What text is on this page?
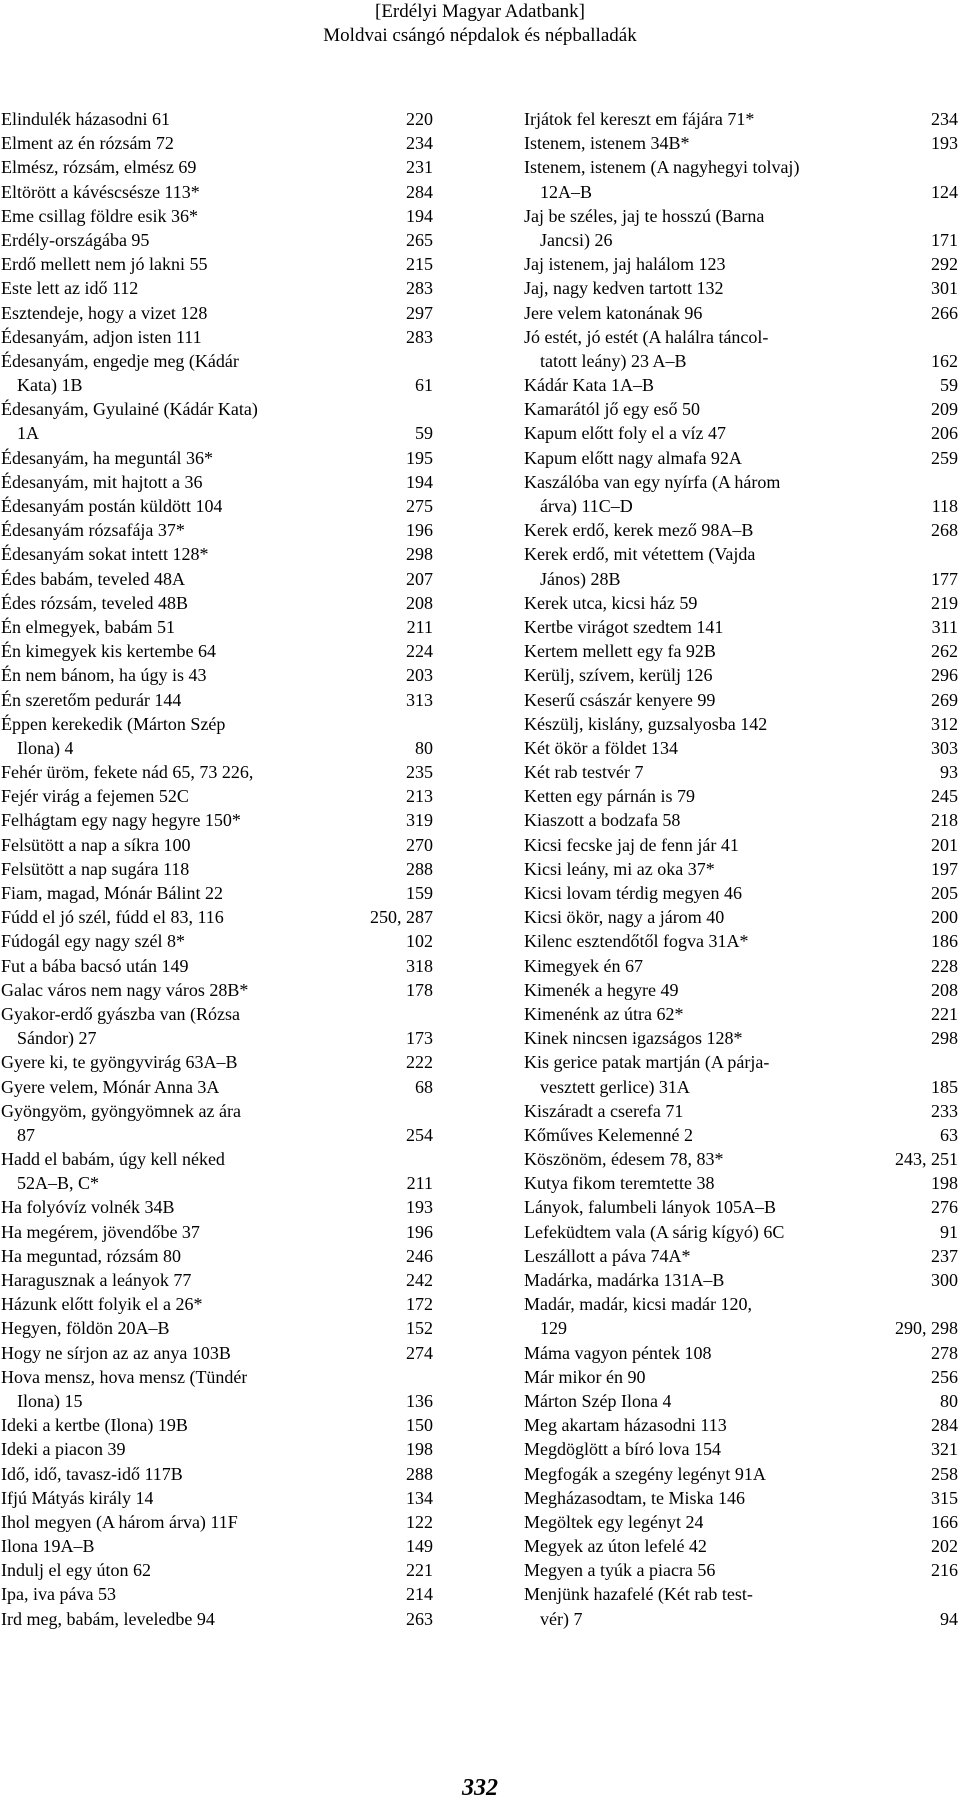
[Erdélyi Magyar Adatbank]
Moldvai csángó népdalok és népballadák
Elindulék házasodni 61	220
Elment az én rózsám 72	234
Elmész, rózsám, elmész 69	231
Eltörött a kávéscsésze 113*	284
Eme csillag földre esik 36*	194
Erdély-országába 95	265
Erdő mellett nem jó lakni 55	215
Este lett az idő 112	283
Esztendeje, hogy a vizet 128	297
Édesanyám, adjon isten 111	283
Édesanyám, engedje meg (Kádár
Kata) 1B	61
Édesanyám, Gyulainé (Kádár Kata)
1A	59
Édesanyám, ha meguntál 36*	195
Édesanyám, mit hajtott a 36	194
Édesanyám postán küldött 104	275
Édesanyám rózsafája 37*	196
Édesanyám sokat intett 128*	298
Édes babám, teveled 48A	207
Édes rózsám, teveled 48B	208
Én elmegyek, babám 51	211
Én kimegyek kis kertembe 64	224
Én nem bánom, ha úgy is 43	203
Én szeretőm pedurár 144	313
Éppen kerekedik (Márton Szép
Ilona) 4	80
Fehér üröm, fekete nád 65, 73 226,	235
Fejér virág a fejemen 52C	213
Felhágtam egy nagy hegyre 150*	319
Felsütött a nap a síkra 100	270
Felsütött a nap sugára 118	288
Fiam, magad, Mónár Bálint 22	159
Fúdd el jó szél, fúdd el 83, 116	250, 287
Fúdogál egy nagy szél 8*	102
Fut a bába bacsó után 149	318
Galac város nem nagy város 28B*	178
Gyakor-erdő gyászba van (Rózsa
Sándor) 27	173
Gyere ki, te gyöngyvirág 63A–B	222
Gyere velem, Mónár Anna 3A	68
Gyöngyöm, gyöngyömnek az ára
87	254
Hadd el babám, úgy kell néked
52A–B, C*	211
Ha folyóvíz volnék 34B	193
Ha megérem, jövendőbe 37	196
Ha meguntad, rózsám 80	246
Haragusznak a leányok 77	242
Házunk előtt folyik el a 26*	172
Hegyen, földön 20A–B	152
Hogy ne sírjon az az anya 103B	274
Hova mensz, hova mensz (Tündér
Ilona) 15	136
Ideki a kertbe (Ilona) 19B	150
Ideki a piacon 39	198
Idő, idő, tavasz-idő 117B	288
Ifjú Mátyás király 14	134
Ihol megyen (A három árva) 11F	122
Ilona 19A–B	149
Indulj el egy úton 62	221
Ipa, iva páva 53	214
Ird meg, babám, leveledbe 94	263
Irjátok fel kereszt em fájára 71*	234
Istenem, istenem 34B*	193
Istenem, istenem (A nagyhegyi tolvaj)
12A–B	124
Jaj be széles, jaj te hosszú (Barna
Jancsi) 26	171
Jaj istenem, jaj halálom 123	292
Jaj, nagy kedven tartott 132	301
Jere velem katonának 96	266
Jó estét, jó estét (A halálra táncol-
tatott leány) 23 A–B	162
Kádár Kata 1A–B	59
Kamarától jő egy eső 50	209
Kapum előtt foly el a víz 47	206
Kapum előtt nagy almafa 92A	259
Kaszálóba van egy nyírfa (A három
árva) 11C–D	118
Kerek erdő, kerek mező 98A–B	268
Kerek erdő, mit vétettem (Vajda
János) 28B	177
Kerek utca, kicsi ház 59	219
Kertbe virágot szedtem 141	311
Kertem mellett egy fa 92B	262
Kerülj, szívem, kerülj 126	296
Keserű császár kenyere 99	269
Készülj, kislány, guzsalyosba 142	312
Két ökör a földet 134	303
Két rab testvér 7	93
Ketten egy párnán is 79	245
Kiaszott a bodzafa 58	218
Kicsi fecske jaj de fenn jár 41	201
Kicsi leány, mi az oka 37*	197
Kicsi lovam térdig megyen 46	205
Kicsi ökör, nagy a járom 40	200
Kilenc esztendőtől fogva 31A*	186
Kimegyek én 67	228
Kimenék a hegyre 49	208
Kimenénk az útra 62*	221
Kinek nincsen igazságos 128*	298
Kis gerice patak martján (A párja-
vesztett gerlice) 31A	185
Kiszáradt a cserefa 71	233
Kőműves Kelemenné 2	63
Köszönöm, édesem 78, 83*	243, 251
Kutya fikom teremtette 38	198
Lányok, falumbeli lányok 105A–B	276
Lefeküdtem vala (A sárig kígyó) 6C	91
Leszállott a páva 74A*	237
Madárka, madárka 131A–B	300
Madár, madár, kicsi madár 120,
129	290, 298
Máma vagyon péntek 108	278
Már mikor én 90	256
Márton Szép Ilona 4	80
Meg akartam házasodni 113	284
Megdöglött a bíró lova 154	321
Megfogák a szegény legényt 91A	258
Megházasodtam, te Miska 146	315
Megöltek egy legényt 24	166
Megyek az úton lefelé 42	202
Megyen a tyúk a piacra 56	216
Menjünk hazafelé (Két rab test-
vér) 7	94
332
